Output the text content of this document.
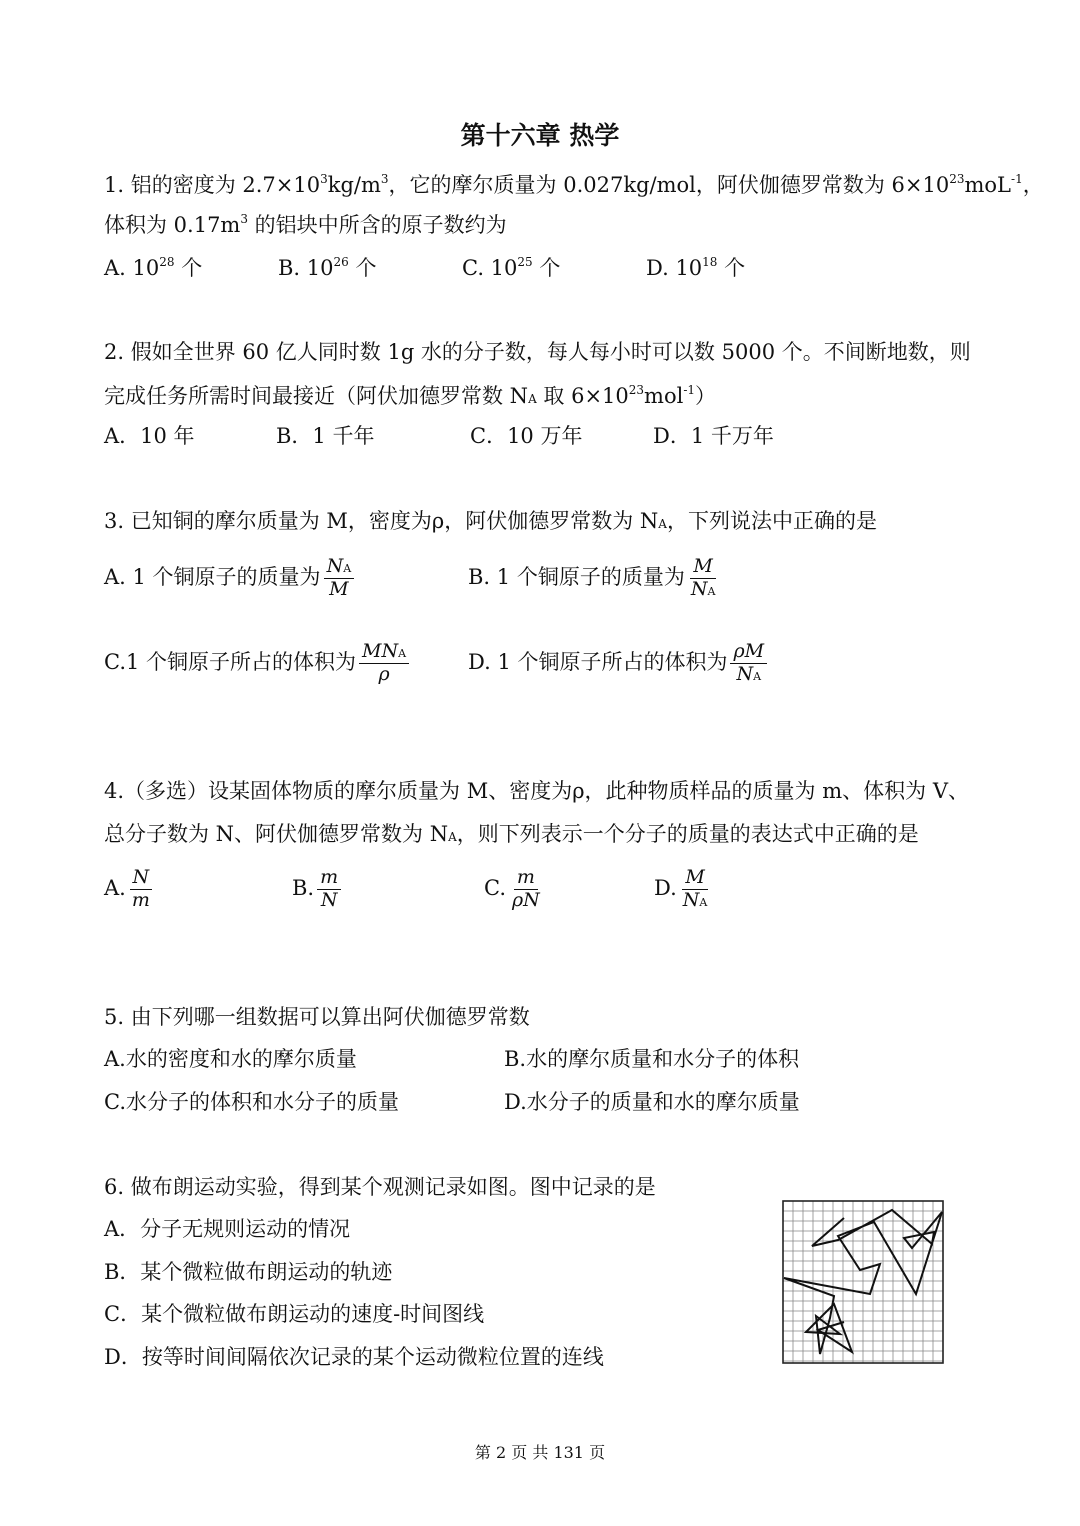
第十六章 热学
1. 铝的密度为 $2.7\times 10^3kg/m^3$，它的摩尔质量为 0.027kg/mol，阿伏伽德罗常数为 $6\times 10^{23}moL^{-1}$，
体积为 $0.17m^3$ 的铝块中所含的原子数约为
A. $10^{28}$ 个	B. $10^{26}$ 个	C. $10^{25}$ 个	D. $10^{18}$ 个
2. 假如全世界 60 亿人同时数 1g 水的分子数，每人每小时可以数 5000 个。不间断地数，则
完成任务所需时间最接近（阿伏加德罗常数 NA 取 $6\times 10^{23}mol^{-1}$）
A．10 年	B．1 千年	C．10 万年	D．1 千万年
3. 已知铜的摩尔质量为 M，密度为ρ，阿伏伽德罗常数为 NA，下列说法中正确的是
A. 1 个铜原子的质量为 $\frac{NA}{M}$	B. 1 个铜原子的质量为 $\frac{M}{NA}$
C.1 个铜原子所占的体积为 $\frac{\text{MNA}}{\rho}$	D. 1 个铜原子所占的体积为 $\frac{\rho M}{NA}$
4.（多选）设某固体物质的摩尔质量为 M、密度为ρ，此种物质样品的质量为 m、体积为 V、
总分子数为 N、阿伏伽德罗常数为 NA，则下列表示一个分子的质量的表达式中正确的是
A. $\frac{N}{m}$	B. $\frac{m}{N}$	C. $\frac{m}{\rho N}$	D. $\frac{M}{NA}$
5. 由下列哪一组数据可以算出阿伏伽德罗常数
A.水的密度和水的摩尔质量	B.水的摩尔质量和水分子的体积
C.水分子的体积和水分子的质量	D.水分子的质量和水的摩尔质量
6. 做布朗运动实验，得到某个观测记录如图。图中记录的是
A．分子无规则运动的情况
B．某个微粒做布朗运动的轨迹
C．某个微粒做布朗运动的速度-时间图线
D．按等时间间隔依次记录的某个运动微粒位置的连线
第 2 页 共 131 页
